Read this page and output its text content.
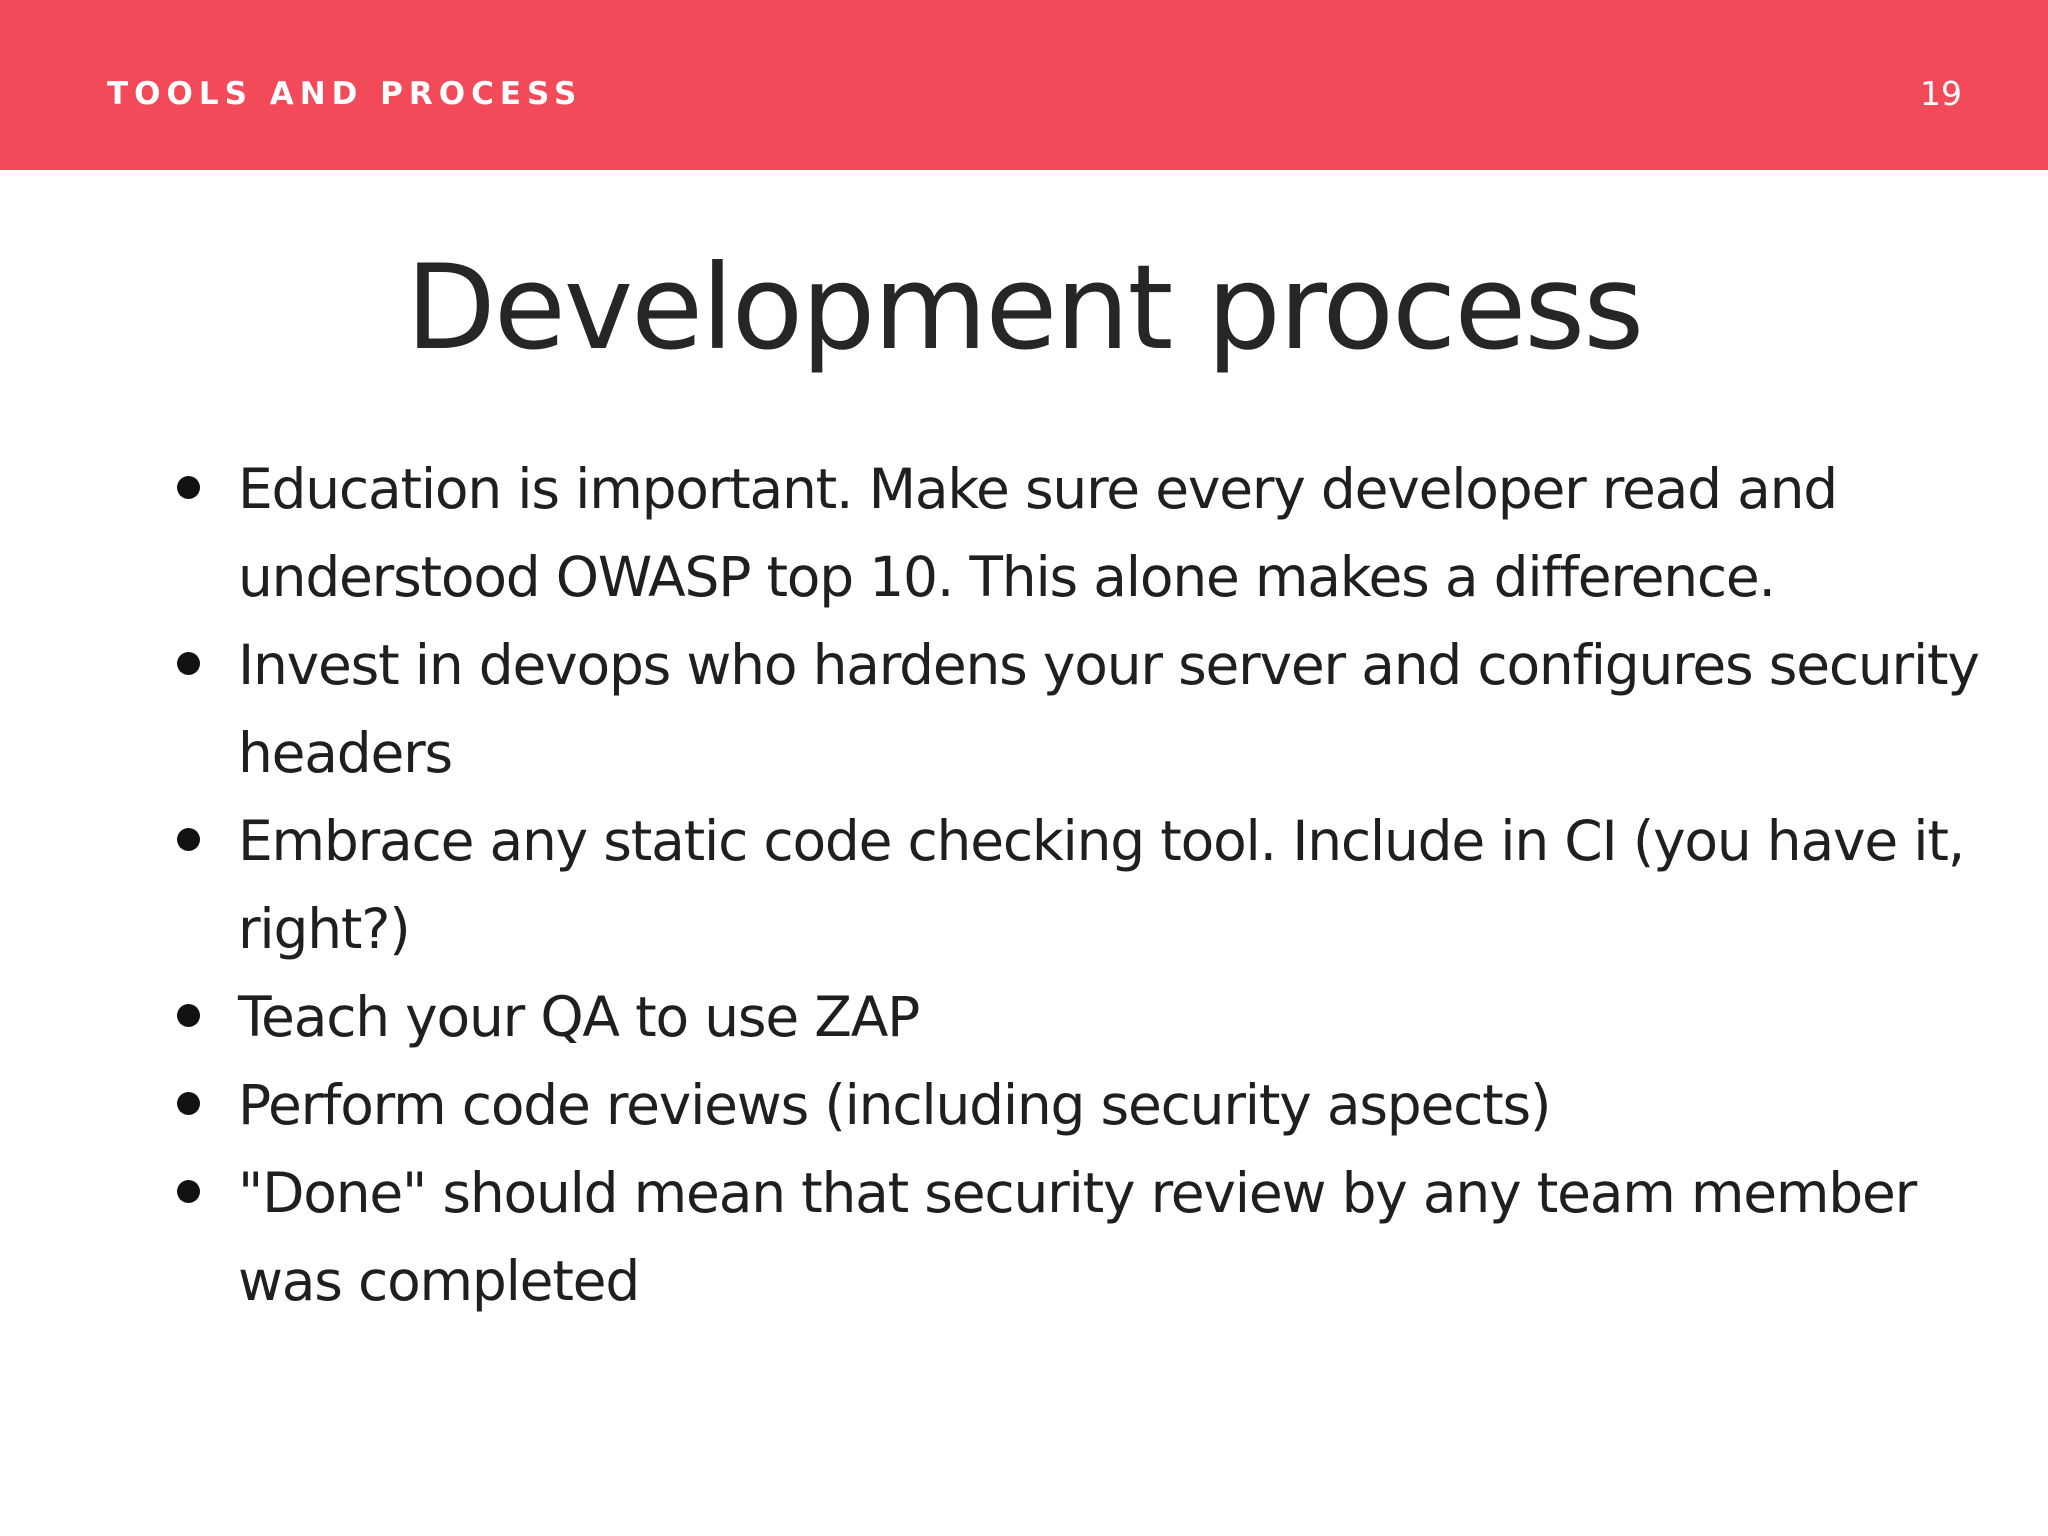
TOOLS AND PROCESS	19
Development process
Education is important. Make sure every developer read and understood OWASP top 10. This alone makes a difference.
Invest in devops who hardens your server and configures security headers
Embrace any static code checking tool. Include in CI (you have it, right?)
Teach your QA to use ZAP
Perform code reviews (including security aspects)
"Done" should mean that security review by any team member was completed
